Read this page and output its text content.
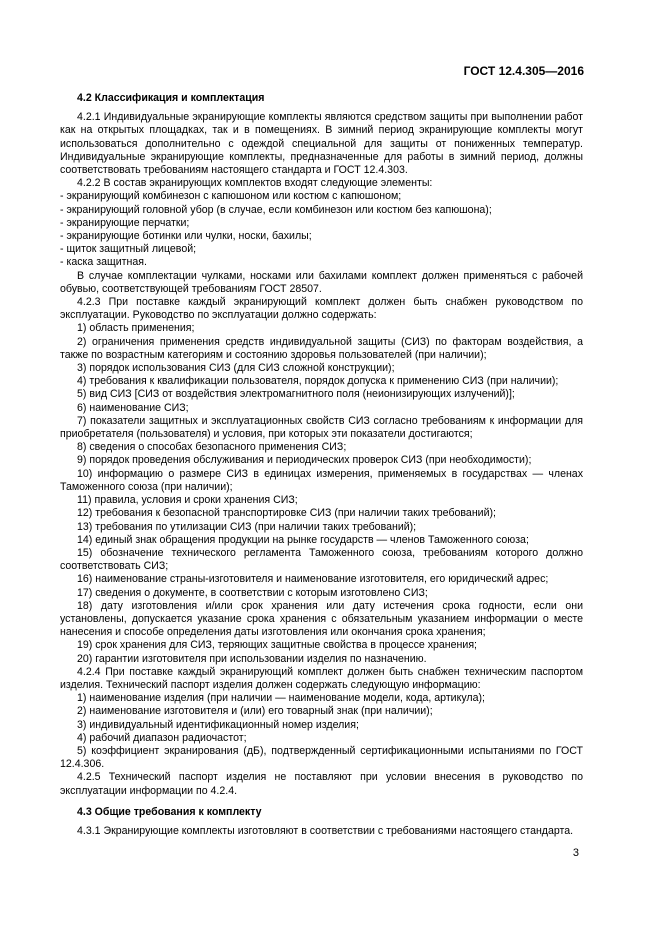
ГОСТ 12.4.305—2016

4.2 Классификация и комплектация

4.2.1 Индивидуальные экранирующие комплекты являются средством защиты при выполнении работ как на открытых площадках, так и в помещениях. В зимний период экранирующие комплекты могут использоваться дополнительно с одеждой специальной для защиты от пониженных температур. Индивидуальные экранирующие комплекты, предназначенные для работы в зимний период, должны соответствовать требованиям настоящего стандарта и ГОСТ 12.4.303.

4.2.2 В состав экранирующих комплектов входят следующие элементы:

- экранирующий комбинезон с капюшоном или костюм с капюшоном;

- экранирующий головной убор (в случае, если комбинезон или костюм без капюшона);

- экранирующие перчатки;

- экранирующие ботинки или чулки, носки, бахилы;

- щиток защитный лицевой;

- каска защитная.

В случае комплектации чулками, носками или бахилами комплект должен применяться с рабочей обувью, соответствующей требованиям ГОСТ 28507.

4.2.3 При поставке каждый экранирующий комплект должен быть снабжен руководством по эксплуатации. Руководство по эксплуатации должно содержать:

1) область применения;

2) ограничения применения средств индивидуальной защиты (СИЗ) по факторам воздействия, а также по возрастным категориям и состоянию здоровья пользователей (при наличии);

3) порядок использования СИЗ (для СИЗ сложной конструкции);

4) требования к квалификации пользователя, порядок допуска к применению СИЗ (при наличии);

5) вид СИЗ [СИЗ от воздействия электромагнитного поля (неионизирующих излучений)];

6) наименование СИЗ;

7) показатели защитных и эксплуатационных свойств СИЗ согласно требованиям к информации для приобретателя (пользователя) и условия, при которых эти показатели достигаются;

8) сведения о способах безопасного применения СИЗ;

9) порядок проведения обслуживания и периодических проверок СИЗ (при необходимости);

10) информацию о размере СИЗ в единицах измерения, применяемых в государствах — членах Таможенного союза (при наличии);

11) правила, условия и сроки хранения СИЗ;

12) требования к безопасной транспортировке СИЗ (при наличии таких требований);

13) требования по утилизации СИЗ (при наличии таких требований);

14) единый знак обращения продукции на рынке государств — членов Таможенного союза;

15) обозначение технического регламента Таможенного союза, требованиям которого должно соответствовать СИЗ;

16) наименование страны-изготовителя и наименование изготовителя, его юридический адрес;

17) сведения о документе, в соответствии с которым изготовлено СИЗ;

18) дату изготовления и/или срок хранения или дату истечения срока годности, если они установлены, допускается указание срока хранения с обязательным указанием информации о месте нанесения и способе определения даты изготовления или окончания срока хранения;

19) срок хранения для СИЗ, теряющих защитные свойства в процессе хранения;

20) гарантии изготовителя при использовании изделия по назначению.

4.2.4 При поставке каждый экранирующий комплект должен быть снабжен техническим паспортом изделия. Технический паспорт изделия должен содержать следующую информацию:

1) наименование изделия (при наличии — наименование модели, кода, артикула);

2) наименование изготовителя и (или) его товарный знак (при наличии);

3) индивидуальный идентификационный номер изделия;

4) рабочий диапазон радиочастот;

5) коэффициент экранирования (дБ), подтвержденный сертификационными испытаниями по ГОСТ 12.4.306.

4.2.5 Технический паспорт изделия не поставляют при условии внесения в руководство по эксплуатации информации по 4.2.4.

4.3 Общие требования к комплекту

4.3.1 Экранирующие комплекты изготовляют в соответствии с требованиями настоящего стандарта.

3
